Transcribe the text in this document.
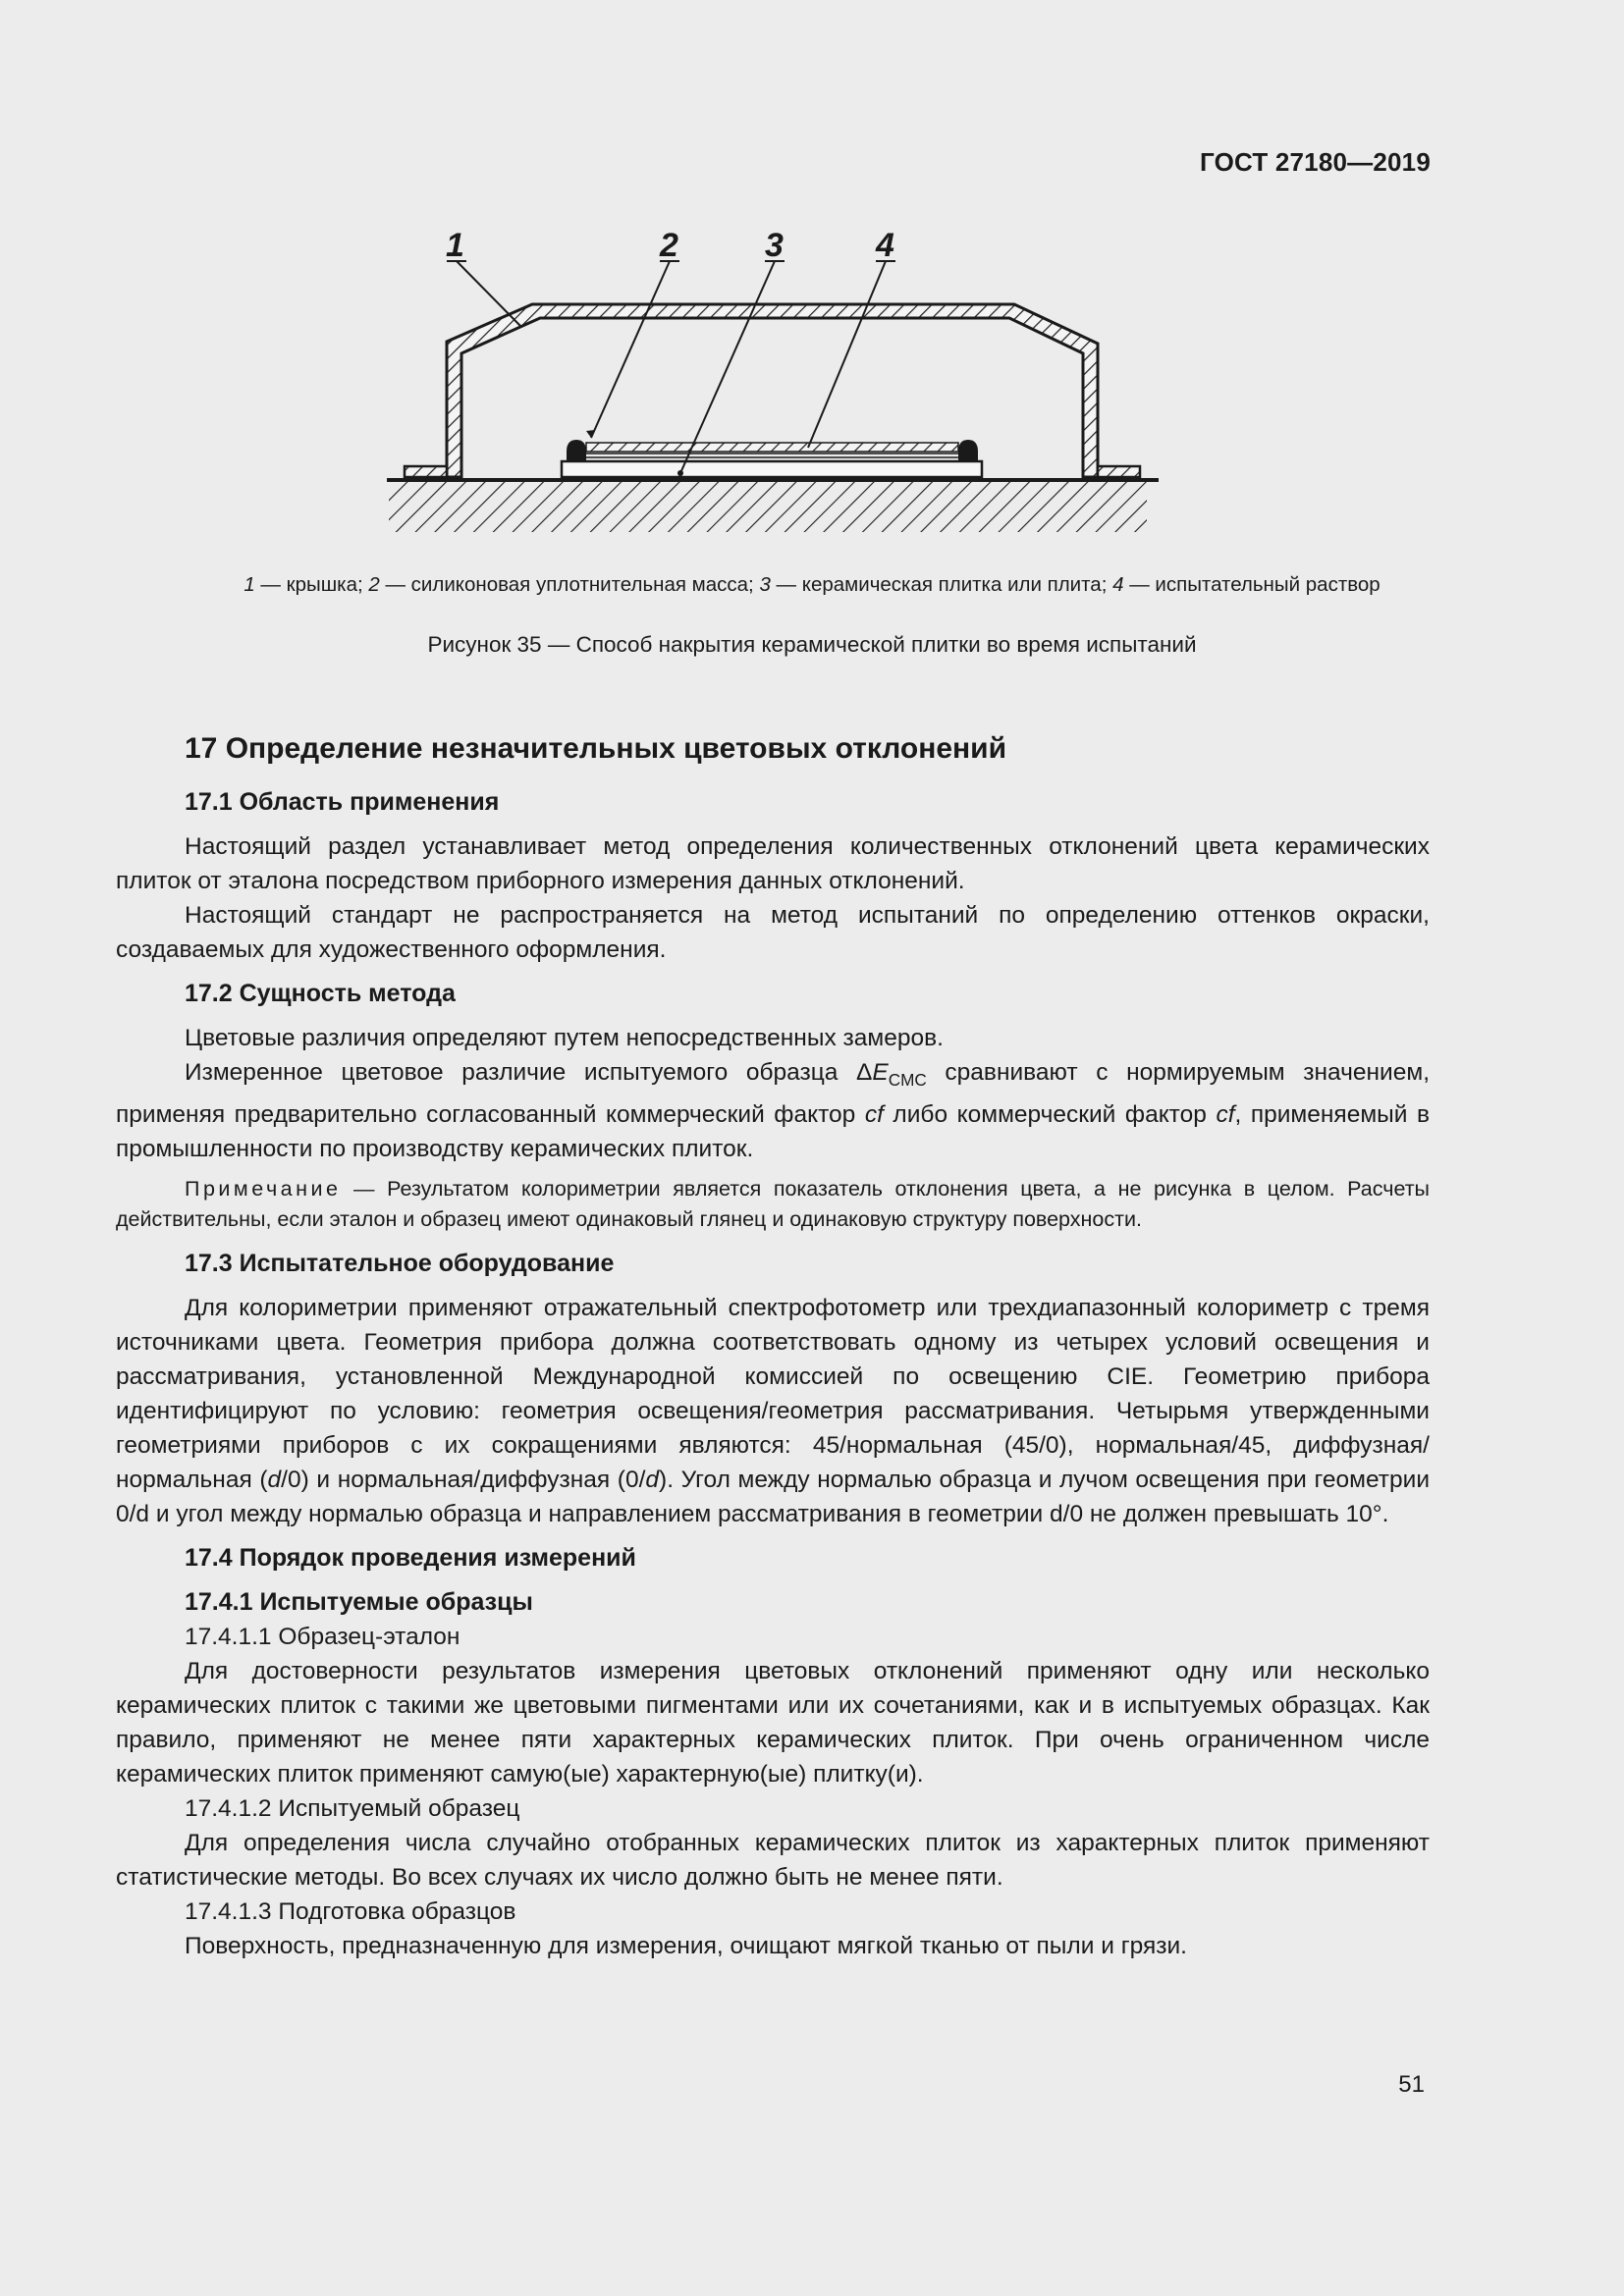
ГОСТ 27180—2019
1	2	3	4
1 — крышка; 2 — силиконовая уплотнительная масса; 3 — керамическая плитка или плита; 4 — испытательный раствор
Рисунок 35 — Способ накрытия керамической плитки во время испытаний
17 Определение незначительных цветовых отклонений
17.1 Область применения

Настоящий раздел устанавливает метод определения количественных отклонений цвета керамических плиток от эталона посредством приборного измерения данных отклонений.

Настоящий стандарт не распространяется на метод испытаний по определению оттенков окраски, создаваемых для художественного оформления.

17.2 Сущность метода

Цветовые различия определяют путем непосредственных замеров.

Измеренное цветовое различие испытуемого образца $\Delta E_{CMC}$ сравнивают с нормируемым значением, применяя предварительно согласованный коммерческий фактор cf либо коммерческий фактор cf, применяемый в промышленности по производству керамических плиток.

Примечание — Результатом колориметрии является показатель отклонения цвета, а не рисунка в целом. Расчеты действительны, если эталон и образец имеют одинаковый глянец и одинаковую структуру поверхности.

17.3 Испытательное оборудование

Для колориметрии применяют отражательный спектрофотометр или трехдиапазонный колориметр с тремя источниками цвета. Геометрия прибора должна соответствовать одному из четырех условий освещения и рассматривания, установленной Международной комиссией по освещению CIE. Геометрию прибора идентифицируют по условию: геометрия освещения/геометрия рассматривания. Четырьмя утвержденными геометриями приборов с их сокращениями являются: 45/нормальная (45/0), нормальная/45, диффузная/нормальная (d/0) и нормальная/диффузная (0/d). Угол между нормалью образца и лучом освещения при геометрии 0/d и угол между нормалью образца и направлением рассматривания в геометрии d/0 не должен превышать 10°.

17.4 Порядок проведения измерений
17.4.1 Испытуемые образцы
17.4.1.1 Образец-эталон

Для достоверности результатов измерения цветовых отклонений применяют одну или несколько керамических плиток с такими же цветовыми пигментами или их сочетаниями, как и в испытуемых образцах. Как правило, применяют не менее пяти характерных керамических плиток. При очень ограниченном числе керамических плиток применяют самую(ые) характерную(ые) плитку(и).

17.4.1.2 Испытуемый образец

Для определения числа случайно отобранных керамических плиток из характерных плиток применяют статистические методы. Во всех случаях их число должно быть не менее пяти.

17.4.1.3 Подготовка образцов

Поверхность, предназначенную для измерения, очищают мягкой тканью от пыли и грязи.

51
